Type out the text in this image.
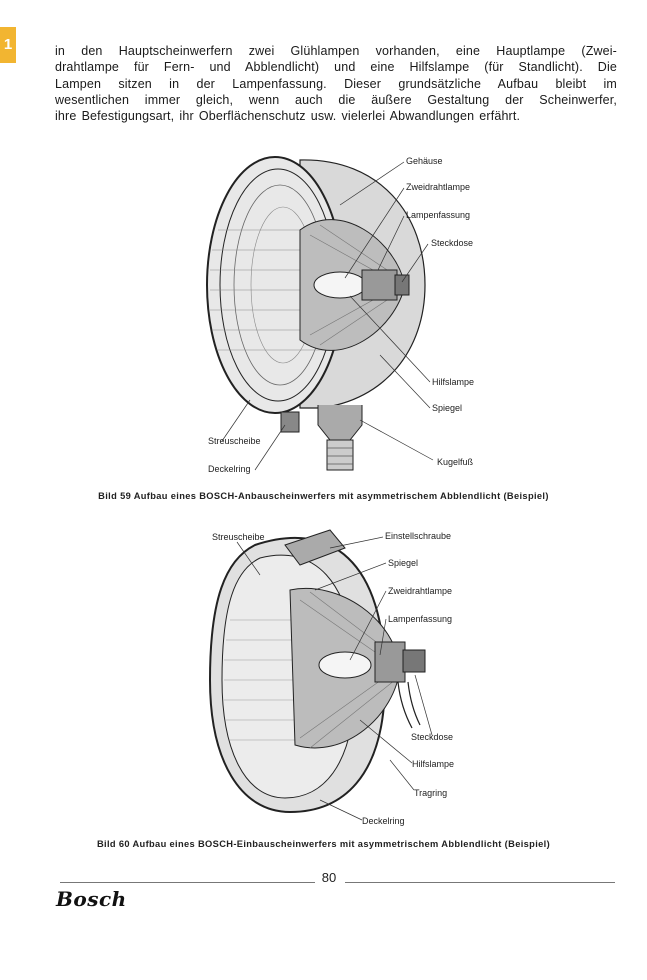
1	in den Hauptscheinwerfern zwei Glühlampen vorhanden, eine Hauptlampe (Zwei-
drahtlampe für Fern- und Abblendlicht) und eine Hilfslampe (für Standlicht). Die
Lampen sitzen in der Lampenfassung. Dieser grundsätzliche Aufbau bleibt im
wesentlichen immer gleich, wenn auch die äußere Gestaltung der Scheinwerfer,
ihre Befestigungsart, ihr Oberflächenschutz usw. vielerlei Abwandlungen erfährt.
Gehäuse
Zweidrahtlampe
Lampenfassung
Steckdose
Hilfslampe
Spiegel
Streuscheibe
Deckelring
Kugelfuß
Bild 59 Aufbau eines BOSCH-Anbauscheinwerfers mit asymmetrischem Abblendlicht (Beispiel)
Streuscheibe	Einstellschraube
Spiegel
Zweidrahtlampe
Lampenfassung
Steckdose
Hilfslampe
Tragring
Deckelring
Bild 60 Aufbau eines BOSCH-Einbauscheinwerfers mit asymmetrischem Abblendlicht (Beispiel)
80
Bosch
